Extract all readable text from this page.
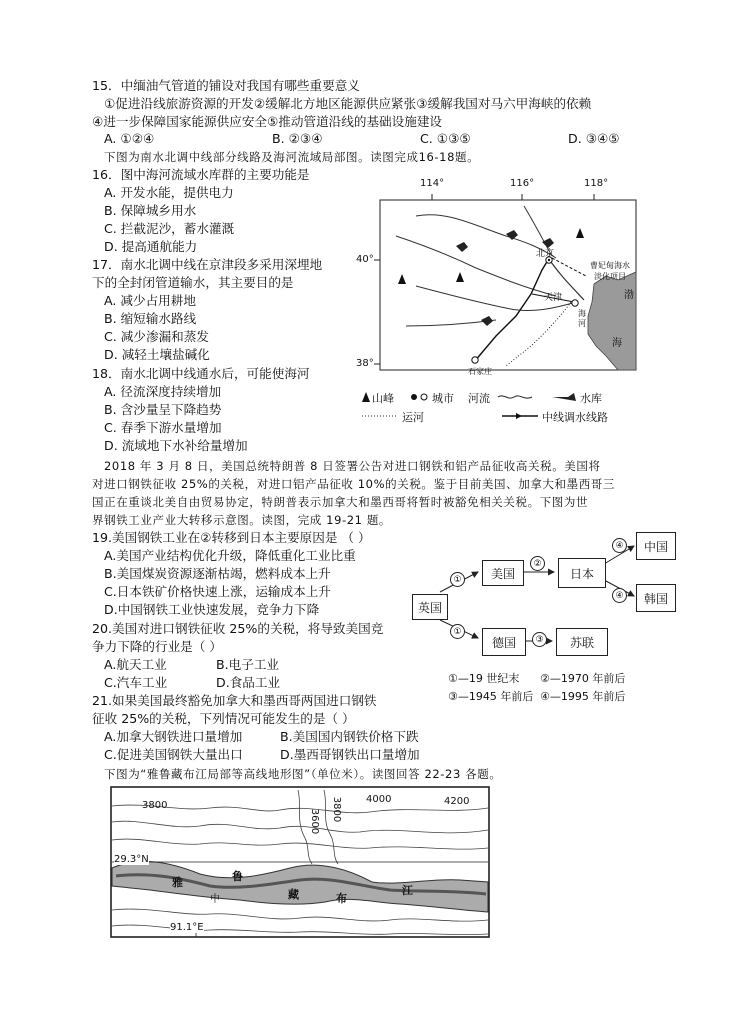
15．中缅油气管道的铺设对我国有哪些重要意义
①促进沿线旅游资源的开发②缓解北方地区能源供应紧张③缓解我国对马六甲海峡的依赖
④进一步保障国家能源供应安全⑤推动管道沿线的基础设施建设
A. ①②④	B. ②③④	C. ①③⑤	D. ③④⑤
下图为南水北调中线部分线路及海河流域局部图。读图完成16-18题。
16．图中海河流域水库群的主要功能是
A. 开发水能，提供电力
B. 保障城乡用水
C. 拦截泥沙，蓄水灌溉
D. 提高通航能力
17．南水北调中线在京津段多采用深埋地
下的全封闭管道输水，其主要目的是
A. 减少占用耕地
B. 缩短输水路线
C. 减少渗漏和蒸发
D. 减轻土壤盐碱化
18．南水北调中线通水后，可能使海河
A. 径流深度持续增加
B. 含沙量呈下降趋势
C. 春季下游水量增加
D. 流域地下水补给量增加
114°	116°	118°
40°
38°
北京
天津
石家庄
曹妃甸海水
淡化项目
渤
海
海
河
山峰	城市 河流	水库
运河	中线调水线路
2018 年 3 月 8 日，美国总统特朗普 8 日签署公告对进口钢铁和铝产品征收高关税。美国将
对进口钢铁征收 25%的关税，对进口铝产品征收 10%的关税。鉴于目前美国、加拿大和墨西哥三
国正在重谈北美自由贸易协定，特朗普表示加拿大和墨西哥将暂时被豁免相关关税。下图为世
界钢铁工业产业大转移示意图。读图，完成 19-21 题。
19.美国钢铁工业在②转移到日本主要原因是 （ ）
A.美国产业结构优化升级，降低重化工业比重
B.美国煤炭资源逐渐枯竭，燃料成本上升
C.日本铁矿价格快速上涨，运输成本上升
D.中国钢铁工业快速发展，竞争力下降
20.美国对进口钢铁征收 25%的关税，将导致美国竞
争力下降的行业是（ ）
A.航天工业	B.电子工业
C.汽车工业	D.食品工业
21.如果美国最终豁免加拿大和墨西哥两国进口钢铁
征收 25%的关税，下列情况可能发生的是（ ）
A.加拿大钢铁进口量增加	B.美国国内钢铁价格下跌
C.促进美国钢铁大量出口	D.墨西哥钢铁出口量增加
英国
美国
德国
日本
苏联
中国
韩国
①
①
②
③
④
④
①—19 世纪末 ②—1970 年前后
③—1945 年前后 ④—1995 年前后
下图为“雅鲁藏布江局部等高线地形图”（单位米）。读图回答 22-23 各题。
3800
3600 3800 4000	4200
29.3°N
91.1°E
雅	鲁
中	藏	布
江
